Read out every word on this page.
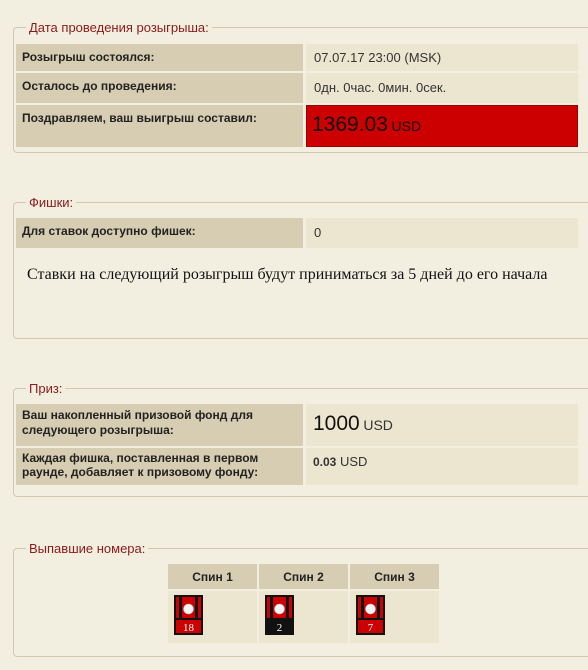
Дата проведения розыгрыша:
Розыгрыш состоялся:		07.07.17 23:00 (MSK)
Осталось до проведения:		0дн. 0час. 0мин. 0сек.
Поздравляем, ваш выигрыш составил:		1369.03 USD
Фишки:
Для ставок доступно фишек:		0
Ставки на следующий розыгрыш будут приниматься за 5 дней до его начала
Приз:
Ваш накопленный призовой фонд для следующего розыгрыша:		1000 USD
Каждая фишка, поставленная в первом раунде, добавляет к призовому фонду:		0.03 USD
Выпавшие номера:
Спин 1	Спин 2	Спин 3

18	2	7
